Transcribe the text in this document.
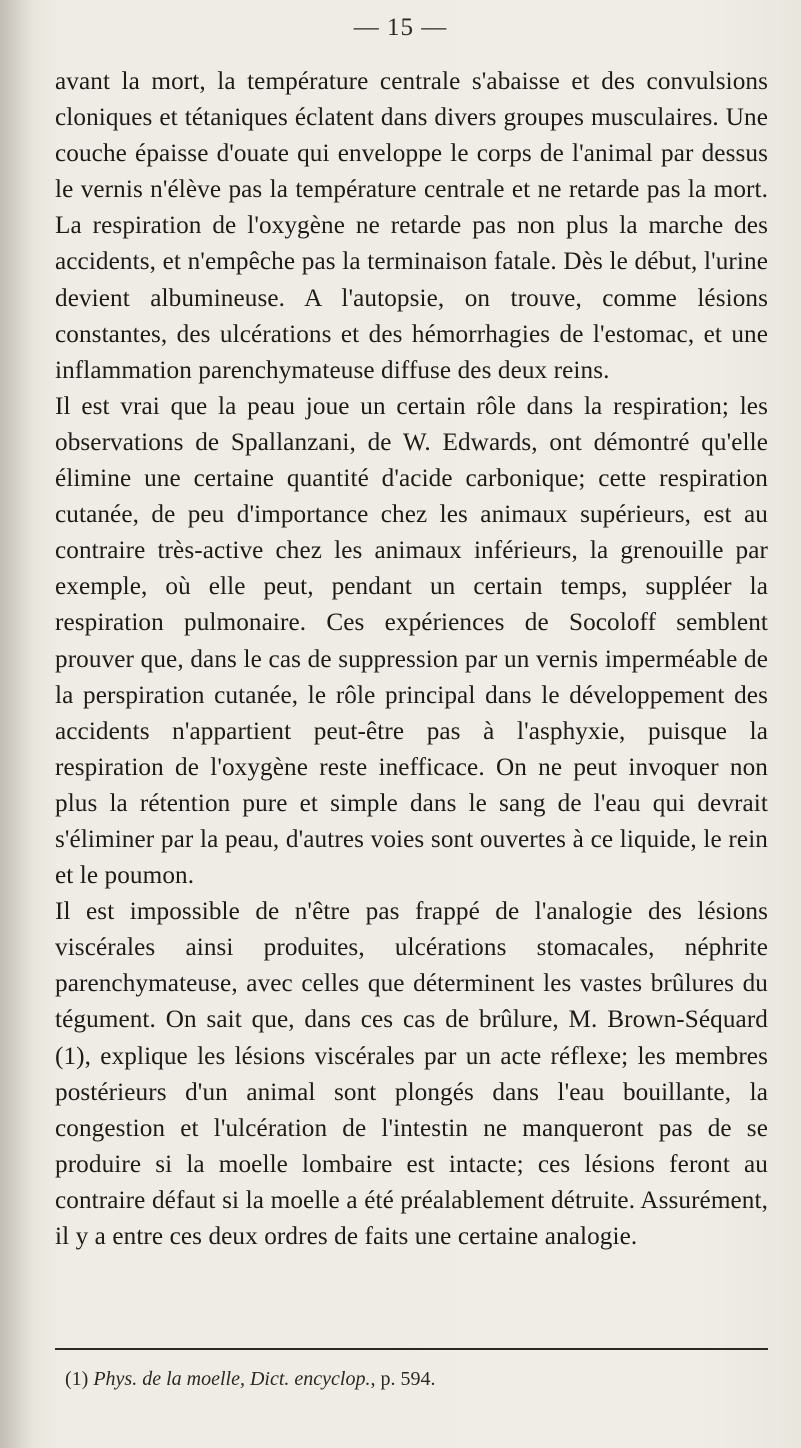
— 15 —

avant la mort, la température centrale s'abaisse et des convulsions cloniques et tétaniques éclatent dans divers groupes musculaires. Une couche épaisse d'ouate qui enveloppe le corps de l'animal par dessus le vernis n'élève pas la température centrale et ne retarde pas la mort. La respiration de l'oxygène ne retarde pas non plus la marche des accidents, et n'empêche pas la terminaison fatale. Dès le début, l'urine devient albumineuse. A l'autopsie, on trouve, comme lésions constantes, des ulcérations et des hémorrhagies de l'estomac, et une inflammation parenchymateuse diffuse des deux reins.

Il est vrai que la peau joue un certain rôle dans la respiration; les observations de Spallanzani, de W. Edwards, ont démontré qu'elle élimine une certaine quantité d'acide carbonique; cette respiration cutanée, de peu d'importance chez les animaux supérieurs, est au contraire très-active chez les animaux inférieurs, la grenouille par exemple, où elle peut, pendant un certain temps, suppléer la respiration pulmonaire. Ces expériences de Socoloff semblent prouver que, dans le cas de suppression par un vernis imperméable de la perspiration cutanée, le rôle principal dans le développement des accidents n'appartient peut-être pas à l'asphyxie, puisque la respiration de l'oxygène reste inefficace. On ne peut invoquer non plus la rétention pure et simple dans le sang de l'eau qui devrait s'éliminer par la peau, d'autres voies sont ouvertes à ce liquide, le rein et le poumon.

Il est impossible de n'être pas frappé de l'analogie des lésions viscérales ainsi produites, ulcérations stomacales, néphrite parenchymateuse, avec celles que déterminent les vastes brûlures du tégument. On sait que, dans ces cas de brûlure, M. Brown-Séquard (1), explique les lésions viscérales par un acte réflexe; les membres postérieurs d'un animal sont plongés dans l'eau bouillante, la congestion et l'ulcération de l'intestin ne manqueront pas de se produire si la moelle lombaire est intacte; ces lésions feront au contraire défaut si la moelle a été préalablement détruite. Assurément, il y a entre ces deux ordres de faits une certaine analogie.

(1) Phys. de la moelle, Dict. encyclop., p. 594.
